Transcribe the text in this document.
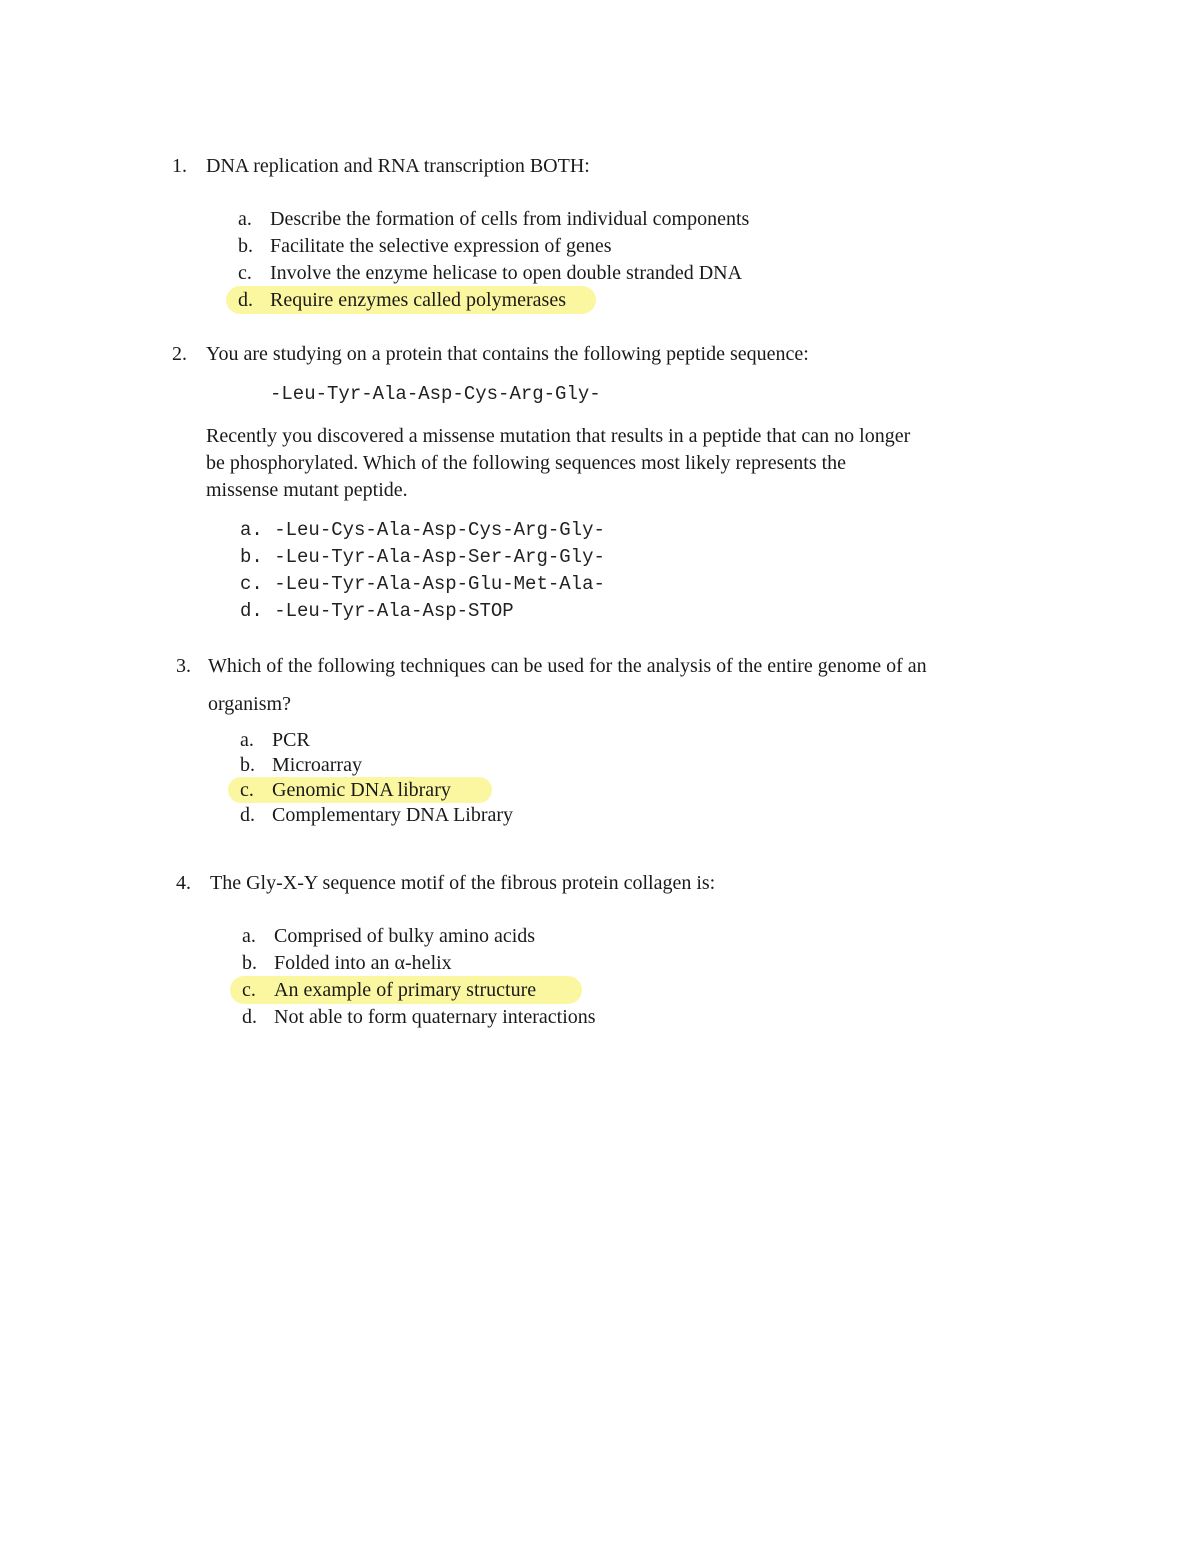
1. DNA replication and RNA transcription BOTH:
a. Describe the formation of cells from individual components
b. Facilitate the selective expression of genes
c. Involve the enzyme helicase to open double stranded DNA
d. Require enzymes called polymerases
2. You are studying on a protein that contains the following peptide sequence:
-Leu-Tyr-Ala-Asp-Cys-Arg-Gly-
Recently you discovered a missense mutation that results in a peptide that can no longer
be phosphorylated. Which of the following sequences most likely represents the
missense mutant peptide.
a. -Leu-Cys-Ala-Asp-Cys-Arg-Gly-
b. -Leu-Tyr-Ala-Asp-Ser-Arg-Gly-
c. -Leu-Tyr-Ala-Asp-Glu-Met-Ala-
d. -Leu-Tyr-Ala-Asp-STOP
3. Which of the following techniques can be used for the analysis of the entire genome of an
organism?
a. PCR
b. Microarray
c. Genomic DNA library
d. Complementary DNA Library
4. The Gly-X-Y sequence motif of the fibrous protein collagen is:
a. Comprised of bulky amino acids
b. Folded into an α-helix
c. An example of primary structure
d. Not able to form quaternary interactions
